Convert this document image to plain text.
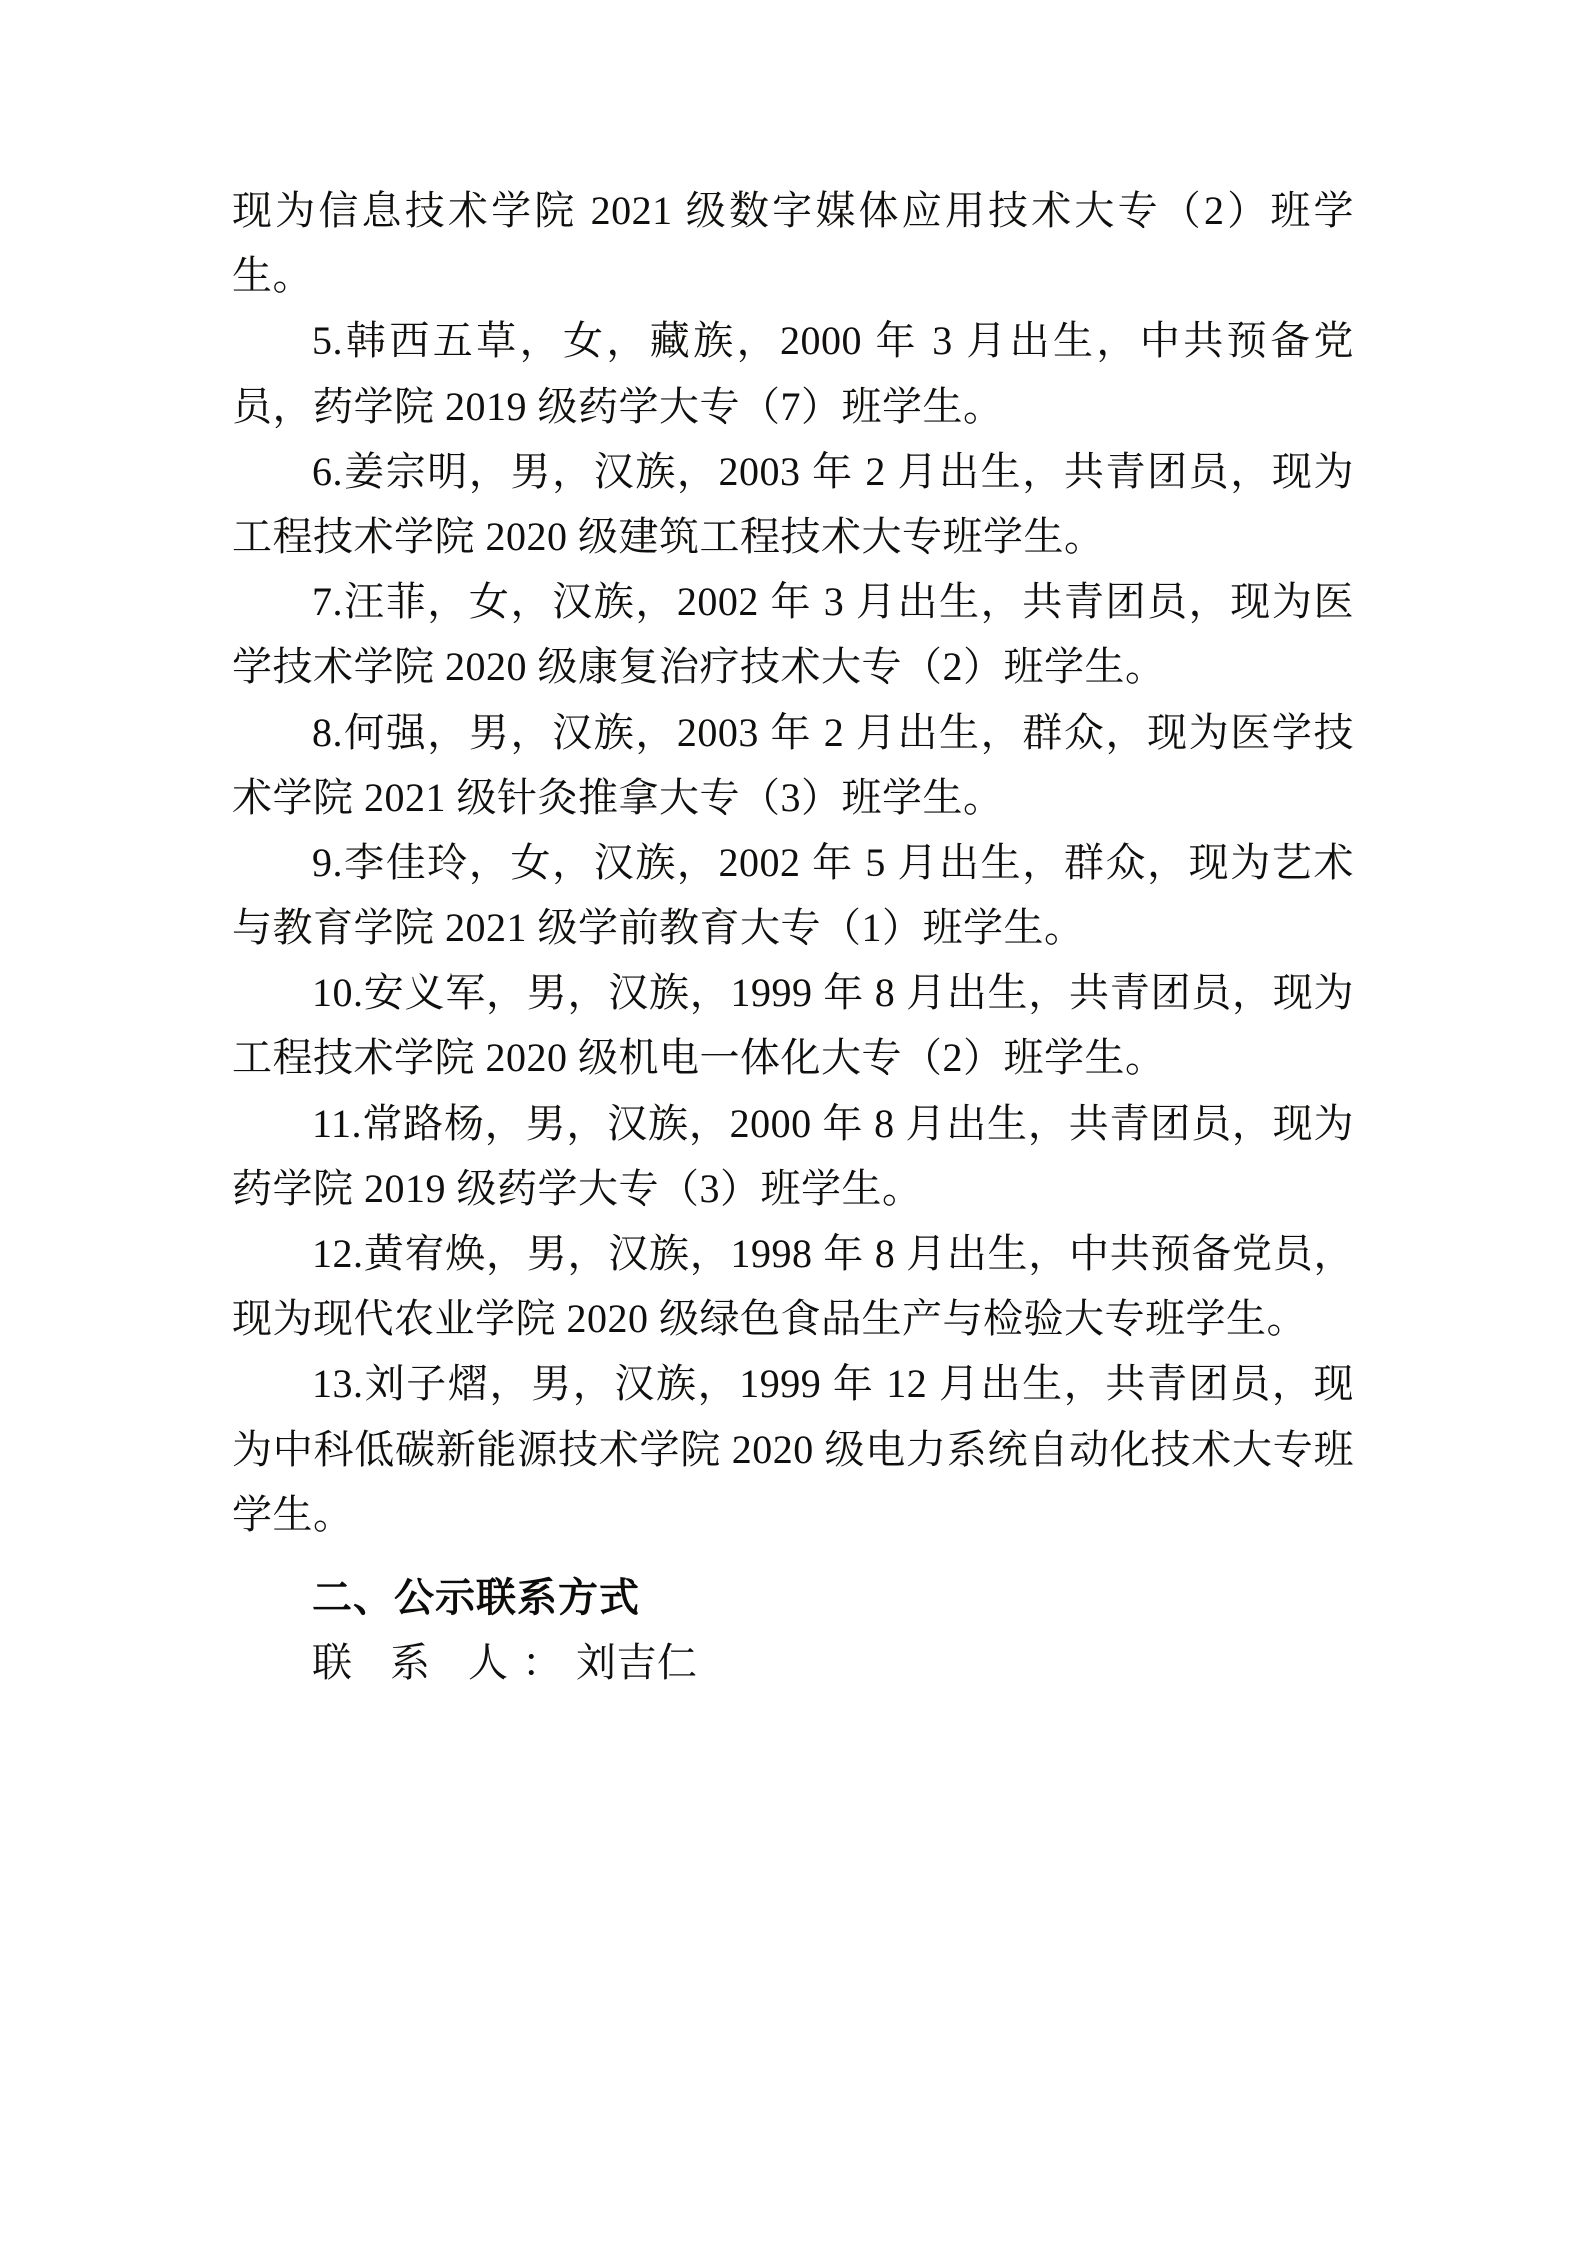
现为信息技术学院 2021 级数字媒体应用技术大专（2）班学生。

5.韩西五草，女，藏族，2000 年 3 月出生，中共预备党员，药学院 2019 级药学大专（7）班学生。

6.姜宗明，男，汉族，2003 年 2 月出生，共青团员，现为工程技术学院 2020 级建筑工程技术大专班学生。

7.汪菲，女，汉族，2002 年 3 月出生，共青团员，现为医学技术学院 2020 级康复治疗技术大专（2）班学生。

8.何强，男，汉族，2003 年 2 月出生，群众，现为医学技术学院 2021 级针灸推拿大专（3）班学生。

9.李佳玲，女，汉族，2002 年 5 月出生，群众，现为艺术与教育学院 2021 级学前教育大专（1）班学生。

10.安义军，男，汉族，1999 年 8 月出生，共青团员，现为工程技术学院 2020 级机电一体化大专（2）班学生。

11.常路杨，男，汉族，2000 年 8 月出生，共青团员，现为药学院 2019 级药学大专（3）班学生。

12.黄宥焕，男，汉族，1998 年 8 月出生，中共预备党员，现为现代农业学院 2020 级绿色食品生产与检验大专班学生。

13.刘子熠，男，汉族，1999 年 12 月出生，共青团员，现为中科低碳新能源技术学院 2020 级电力系统自动化技术大专班学生。

二、公示联系方式

联 系 人：刘吉仁
